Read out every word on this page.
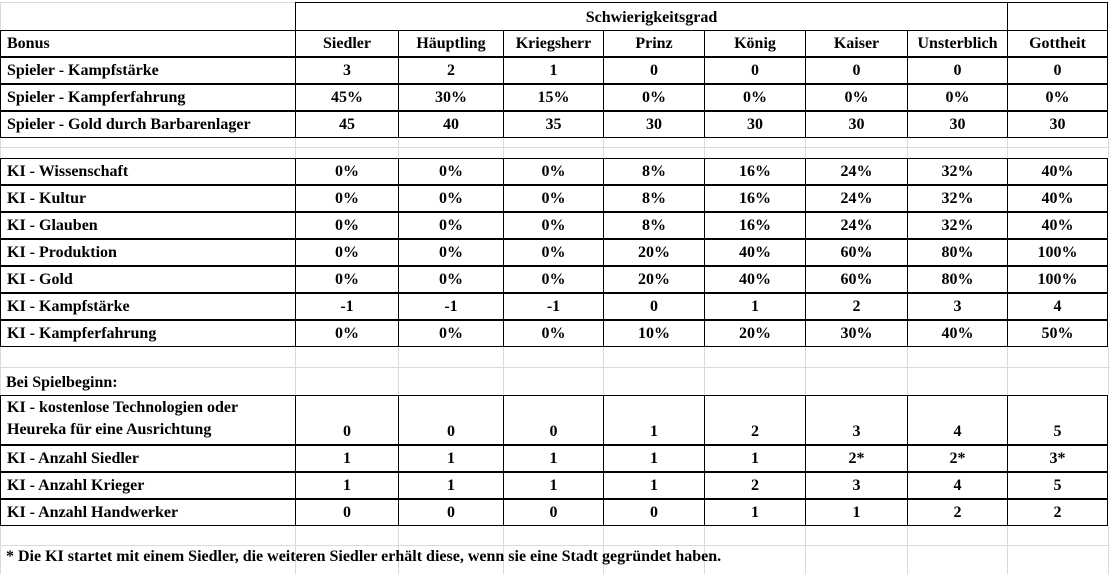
Schwierigkeitsgrad
Bonus	Siedler	Häuptling	Kriegsherr	Prinz	König	Kaiser	Unsterblich	Gottheit
Spieler - Kampfstärke	3	2	1	0	0	0	0	0
Spieler - Kampferfahrung	45%	30%	15%	0%	0%	0%	0%	0%
Spieler - Gold durch Barbarenlager	45	40	35	30	30	30	30	30
KI - Wissenschaft	0%	0%	0%	8%	16%	24%	32%	40%
KI - Kultur	0%	0%	0%	8%	16%	24%	32%	40%
KI - Glauben	0%	0%	0%	8%	16%	24%	32%	40%
KI - Produktion	0%	0%	0%	20%	40%	60%	80%	100%
KI - Gold	0%	0%	0%	20%	40%	60%	80%	100%
KI - Kampfstärke	-1	-1	-1	0	1	2	3	4
KI - Kampferfahrung	0%	0%	0%	10%	20%	30%	40%	50%
Bei Spielbeginn:
KI - kostenlose Technologien oder Heureka für eine Ausrichtung	0	0	0	1	2	3	4	5
KI - Anzahl Siedler	1	1	1	1	1	2*	2*	3*
KI - Anzahl Krieger	1	1	1	1	2	3	4	5
KI - Anzahl Handwerker	0	0	0	0	1	1	2	2
* Die KI startet mit einem Siedler, die weiteren Siedler erhält diese, wenn sie eine Stadt gegründet haben.
